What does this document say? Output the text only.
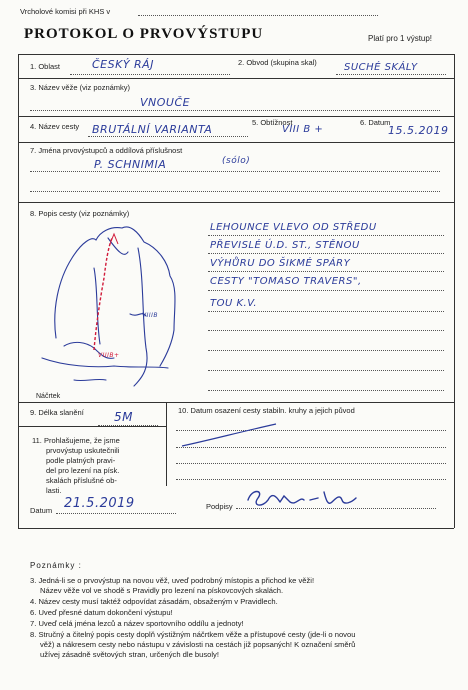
Vrcholové komisi při KHS v
PROTOKOL O PRVOVÝSTUPU	Platí pro 1 výstup!
1. Oblast	ČESKÝ RÁJ	2. Obvod (skupina skal)	SUCHÉ SKÁLY
3. Název věže (viz poznámky)
VNOUČE
4. Název cesty BRUTÁLNÍ VARIANTA
5. Obtížnost
VIII B +
6. Datum
15.5.2019
7. Jména prvovýstupců a oddílová příslušnost
P. SCHNIMIA	(sólo)
8. Popis cesty (viz poznámky)
VIIIB
VIIIB+
Náčrtek
LEHOUNCE VLEVO OD STŘEDU
PŘEVISLÉ Ú.D. ST., STĚNOU
VÝHŮRU DO ŠIKMÉ SPÁRY
CESTY "TOMASO TRAVERS",
TOU K.V.
9. Délka slanění	5M	10. Datum osazení cesty stabiln. kruhy a jejich původ
11. Prohlašujeme, že jsme
prvovýstup uskutečnili
podle platných pravi-
del pro lezení na písk.
skalách příslušné ob-
lasti.
Datum 21.5.2019	Podpisy
Poznámky :
3. Jedná-li se o prvovýstup na novou věž, uveď podrobný místopis a přichod ke věži!
Název věže vol ve shodě s Pravidly pro lezení na pískovcových skalách.
4. Název cesty musí taktéž odpovídat zásadám, obsaženým v Pravidlech.
6. Uveď přesné datum dokončení výstupu!
7. Uveď celá jména lezců a název sportovního oddílu a jednoty!
8. Stručný a čitelný popis cesty doplň výstižným náčrtkem věže a přístupové cesty (jde-li o novou
věž) a nákresem cesty nebo nástupu v závislosti na cestách již popsaných! K označení směrů
užívej zásadně světových stran, určených dle busoly!
